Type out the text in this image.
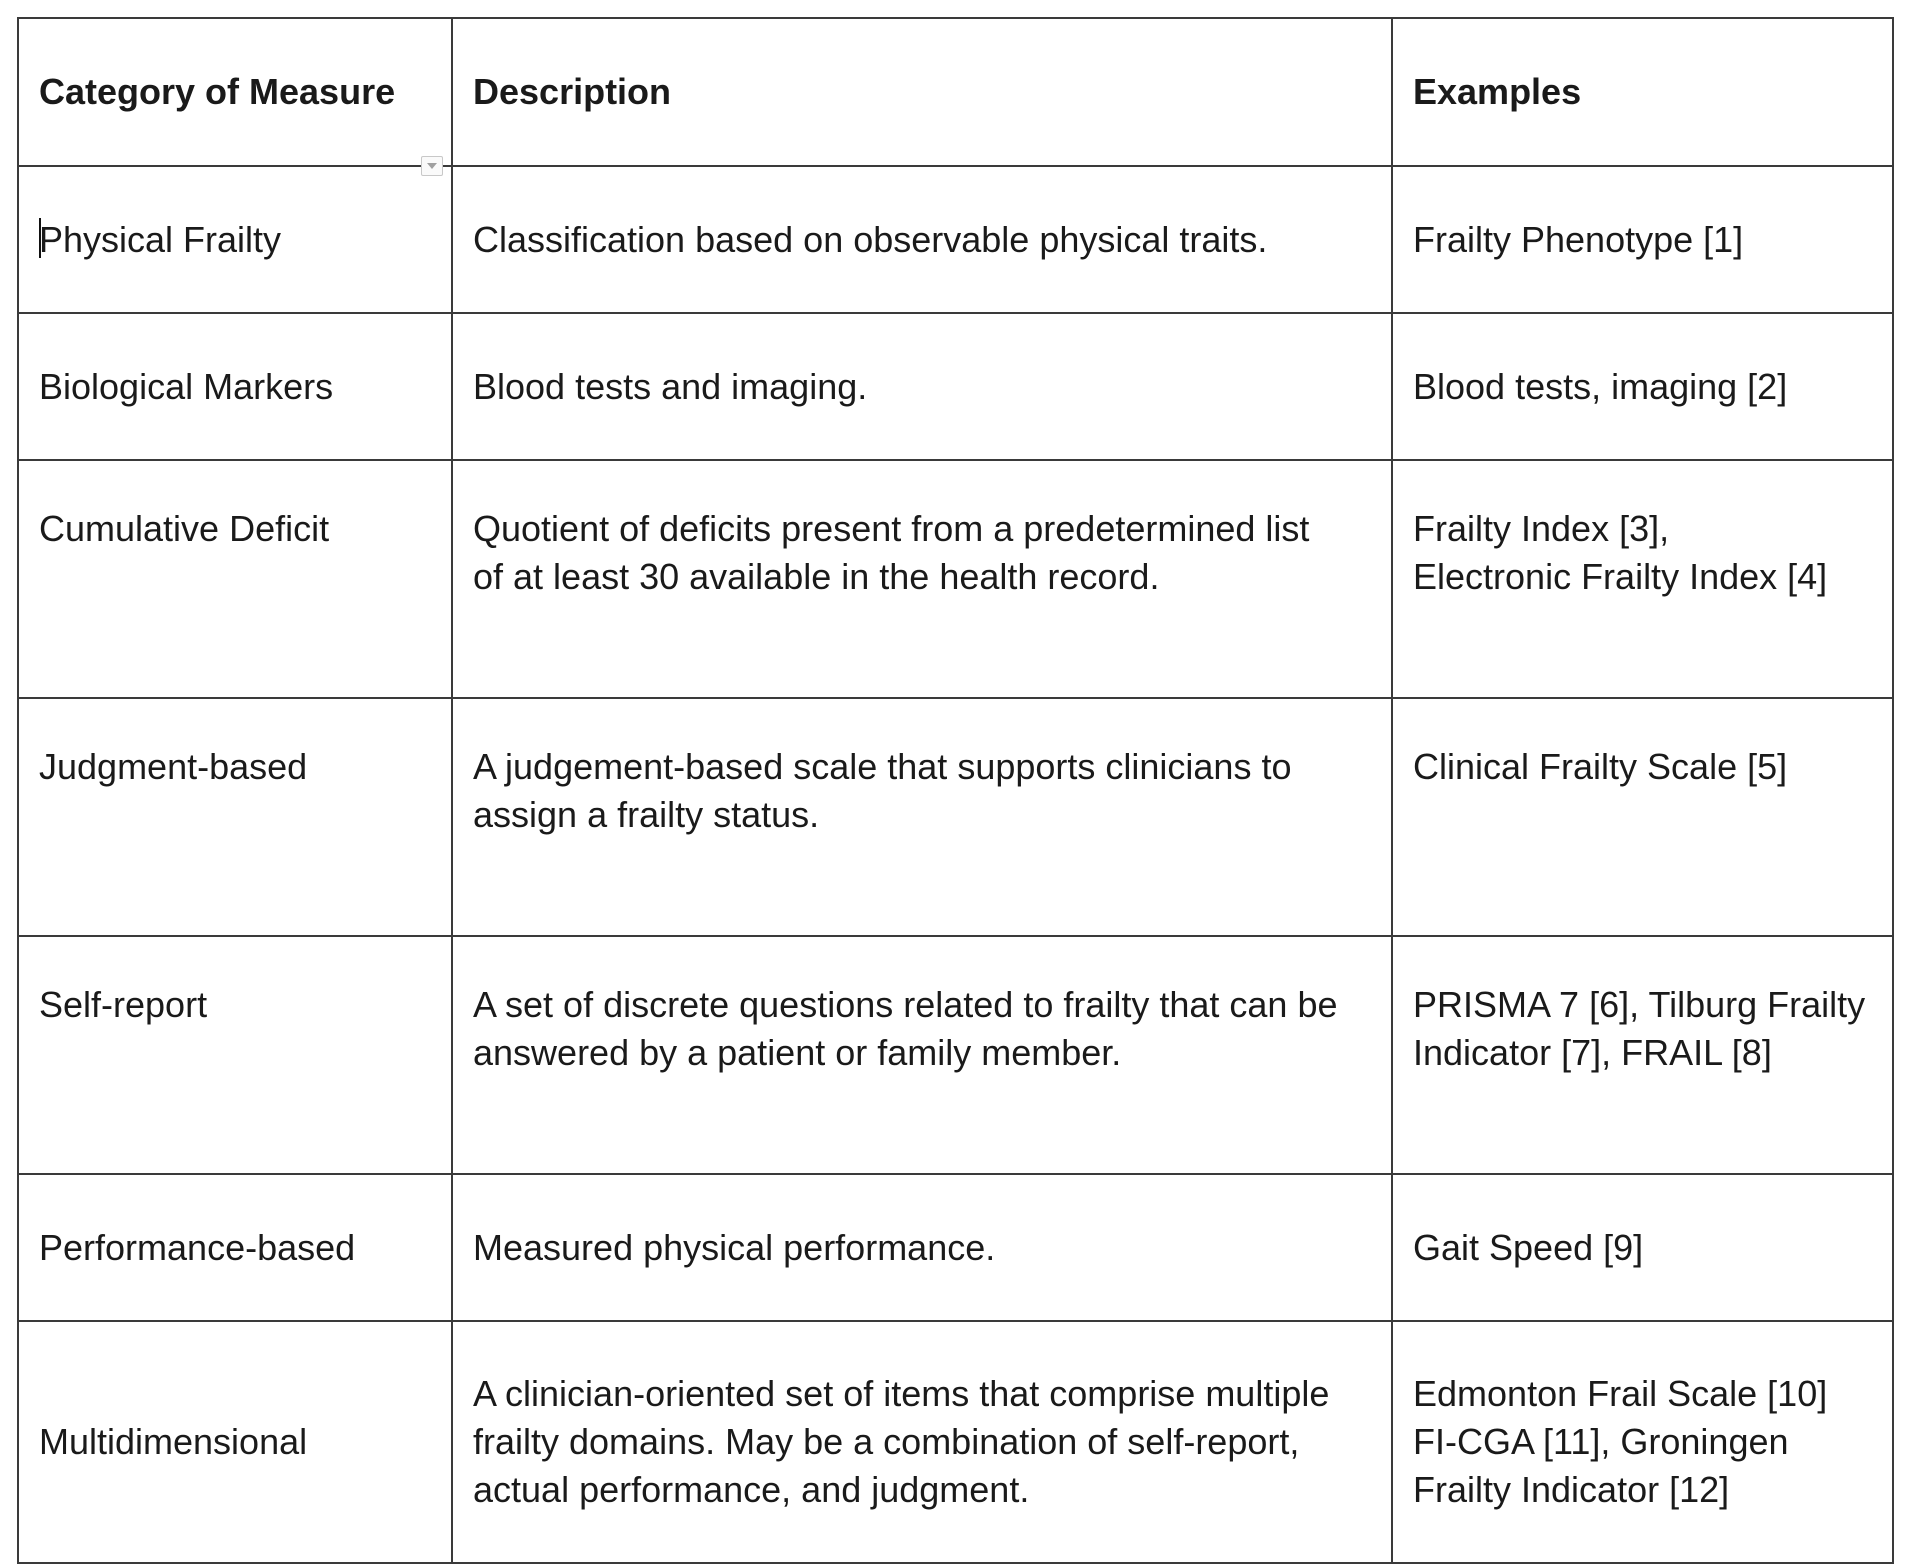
Category of Measure	Description	Examples

Physical Frailty	Classification based on observable physical traits.	Frailty Phenotype [1]

Biological Markers	Blood tests and imaging.	Blood tests, imaging [2]

Cumulative Deficit	Quotient of deficits present from a predetermined list
of at least 30 available in the health record.	Frailty Index [3],
Electronic Frailty Index [4]

Judgment-based	A judgement-based scale that supports clinicians to
assign a frailty status.	Clinical Frailty Scale [5]

Self-report	A set of discrete questions related to frailty that can be
answered by a patient or family member.	PRISMA 7 [6], Tilburg Frailty
Indicator [7], FRAIL [8]

Performance-based	Measured physical performance.	Gait Speed [9]

Multidimensional	A clinician-oriented set of items that comprise multiple
frailty domains. May be a combination of self-report,
actual performance, and judgment.	Edmonton Frail Scale [10]
FI-CGA [11], Groningen
Frailty Indicator [12]
